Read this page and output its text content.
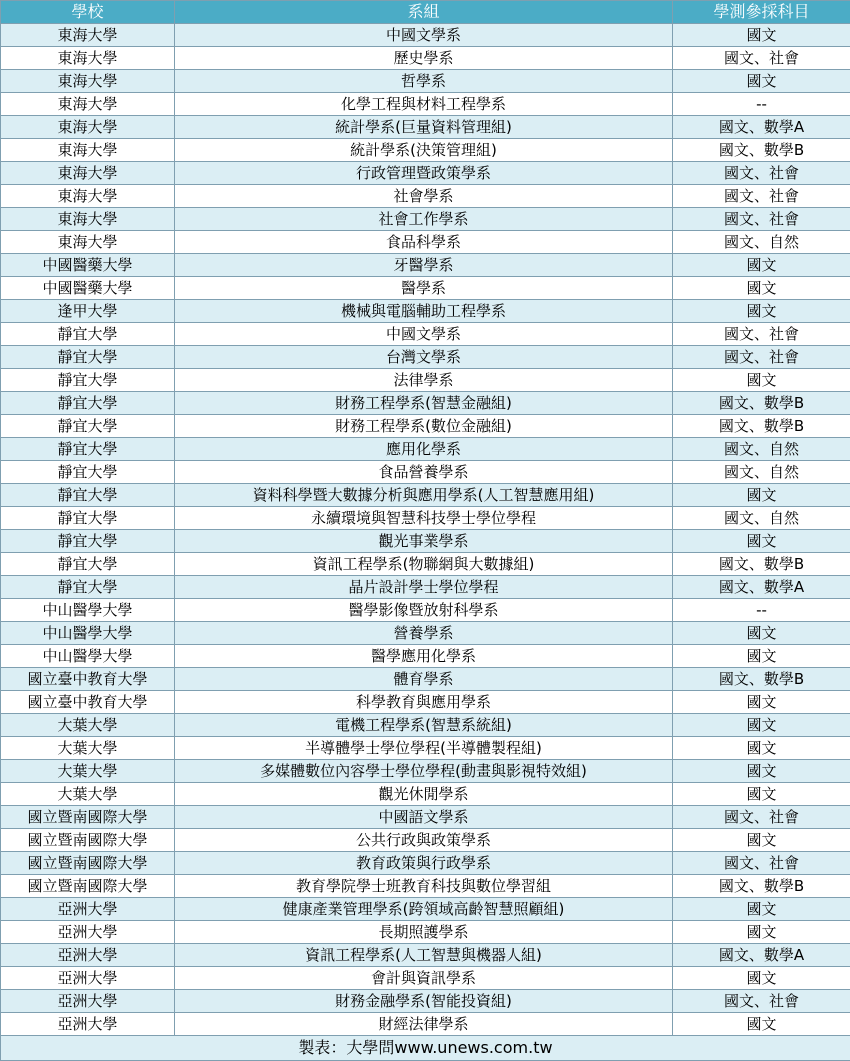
學校	系組	學測參採科目
東海大學	中國文學系	國文
東海大學	歷史學系	國文、社會
東海大學	哲學系	國文
東海大學	化學工程與材料工程學系	--
東海大學	統計學系(巨量資料管理組)	國文、數學A
東海大學	統計學系(決策管理組)	國文、數學B
東海大學	行政管理暨政策學系	國文、社會
東海大學	社會學系	國文、社會
東海大學	社會工作學系	國文、社會
東海大學	食品科學系	國文、自然
中國醫藥大學	牙醫學系	國文
中國醫藥大學	醫學系	國文
逢甲大學	機械與電腦輔助工程學系	國文
靜宜大學	中國文學系	國文、社會
靜宜大學	台灣文學系	國文、社會
靜宜大學	法律學系	國文
靜宜大學	財務工程學系(智慧金融組)	國文、數學B
靜宜大學	財務工程學系(數位金融組)	國文、數學B
靜宜大學	應用化學系	國文、自然
靜宜大學	食品營養學系	國文、自然
靜宜大學	資料科學暨大數據分析與應用學系(人工智慧應用組)	國文
靜宜大學	永續環境與智慧科技學士學位學程	國文、自然
靜宜大學	觀光事業學系	國文
靜宜大學	資訊工程學系(物聯網與大數據組)	國文、數學B
靜宜大學	晶片設計學士學位學程	國文、數學A
中山醫學大學	醫學影像暨放射科學系	--
中山醫學大學	營養學系	國文
中山醫學大學	醫學應用化學系	國文
國立臺中教育大學	體育學系	國文、數學B
國立臺中教育大學	科學教育與應用學系	國文
大葉大學	電機工程學系(智慧系統組)	國文
大葉大學	半導體學士學位學程(半導體製程組)	國文
大葉大學	多媒體數位內容學士學位學程(動畫與影視特效組)	國文
大葉大學	觀光休閒學系	國文
國立暨南國際大學	中國語文學系	國文、社會
國立暨南國際大學	公共行政與政策學系	國文
國立暨南國際大學	教育政策與行政學系	國文、社會
國立暨南國際大學	教育學院學士班教育科技與數位學習組	國文、數學B
亞洲大學	健康產業管理學系(跨領域高齡智慧照顧組)	國文
亞洲大學	長期照護學系	國文
亞洲大學	資訊工程學系(人工智慧與機器人組)	國文、數學A
亞洲大學	會計與資訊學系	國文
亞洲大學	財務金融學系(智能投資組)	國文、社會
亞洲大學	財經法律學系	國文
製表：大學問www.unews.com.tw		
